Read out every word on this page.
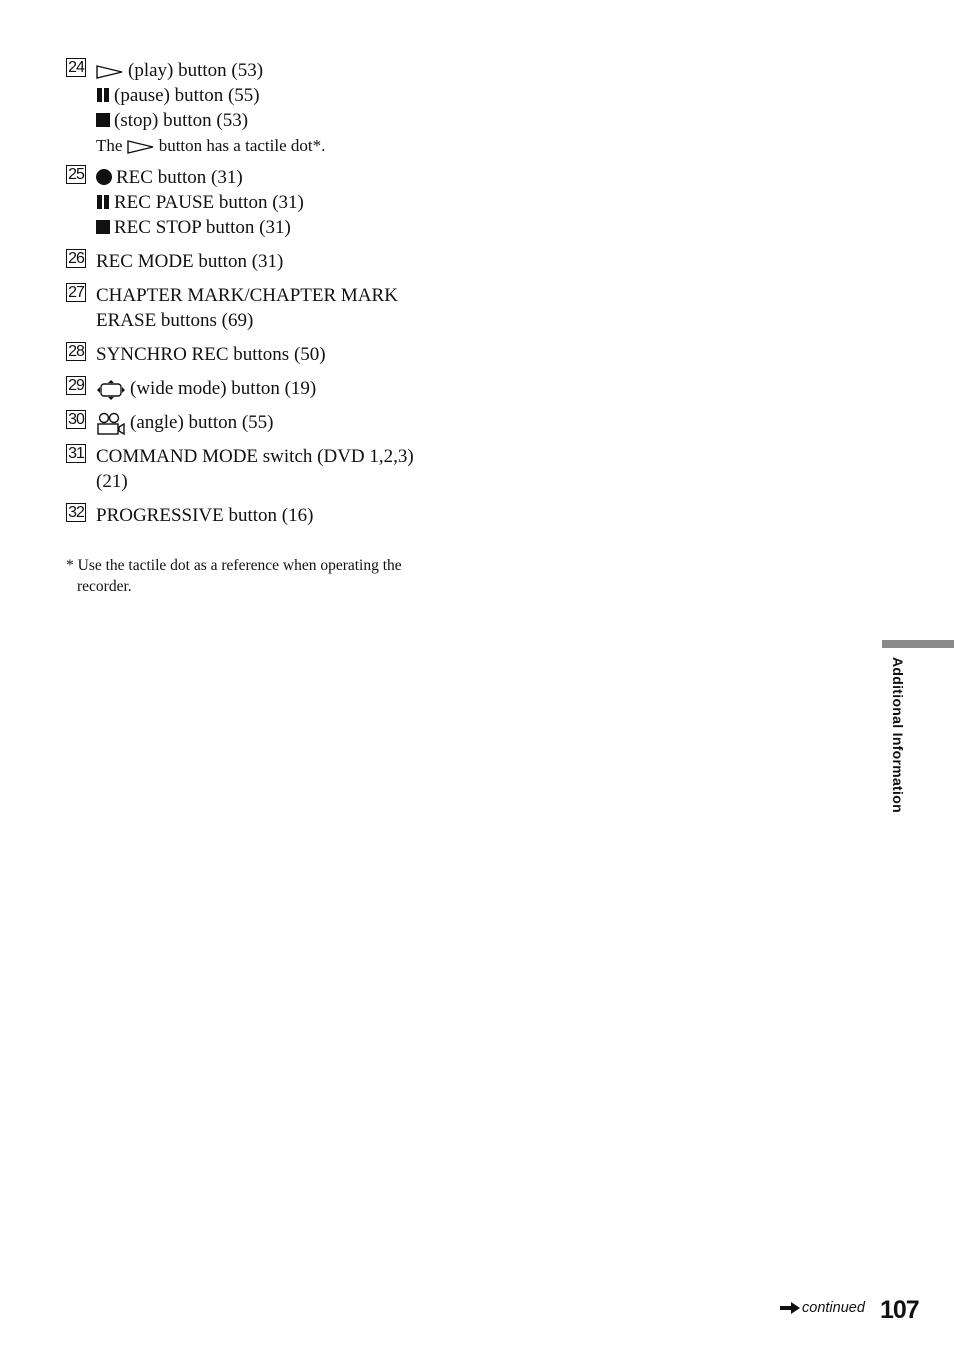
24	(play) button (53)
(pause) button (55)
(stop) button (53)
The button has a tactile dot*.
25	REC button (31)
REC PAUSE button (31)
REC STOP button (31)
26 REC MODE button (31)
27 CHAPTER MARK/CHAPTER MARK
ERASE buttons (69)
28 SYNCHRO REC buttons (50)
29	(wide mode) button (19)
30	(angle) button (55)
31 COMMAND MODE switch (DVD 1,2,3)
(21)
32 PROGRESSIVE button (16)
* Use the tactile dot as a reference when operating the recorder.
Additional Information
continued 107
